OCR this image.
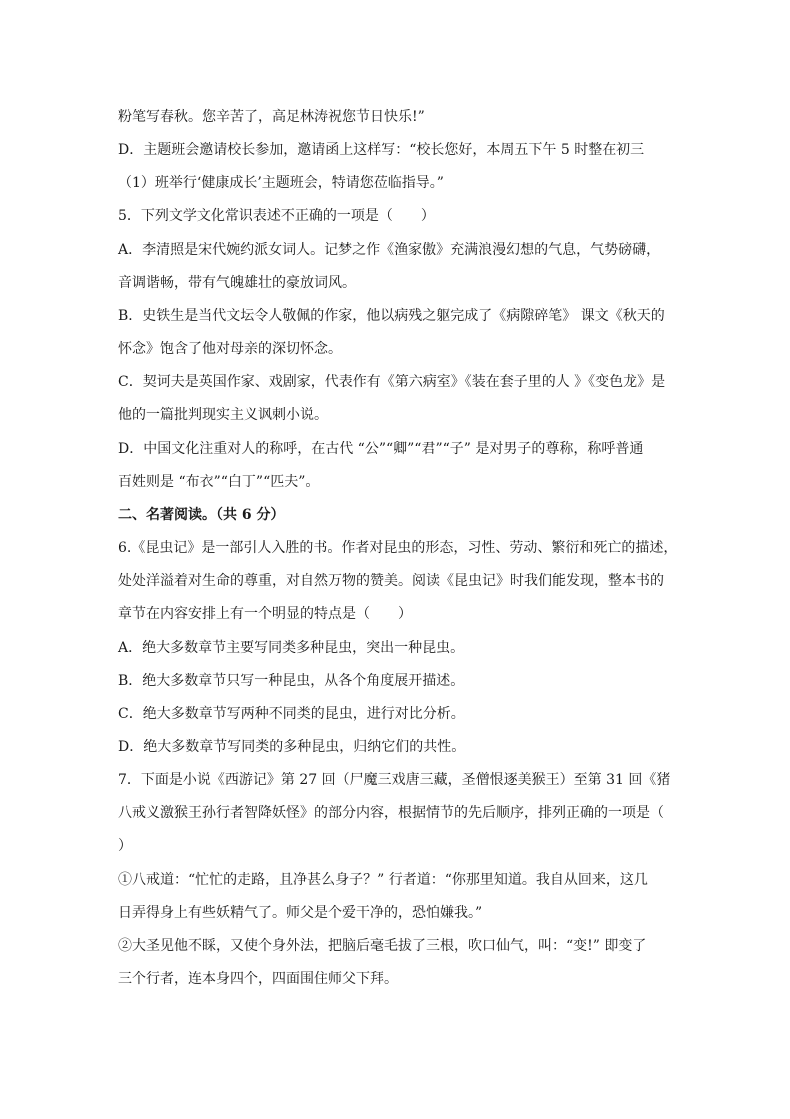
粉笔写春秋。您辛苦了，高足林涛祝您节日快乐!”
D．主题班会邀请校长参加，邀请函上这样写：“校长您好，本周五下午 5 时整在初三
（1）班举行‘健康成长’主题班会，特请您莅临指导。”
5．下列文学文化常识表述不正确的一项是（　　）
A．李清照是宋代婉约派女词人。记梦之作《渔家傲》充满浪漫幻想的气息，气势磅礴，
音调谐畅，带有气魄雄壮的豪放词风。
B．史铁生是当代文坛令人敬佩的作家，他以病残之躯完成了《病隙碎笔》 课文《秋天的
怀念》饱含了他对母亲的深切怀念。
C．契诃夫是英国作家、戏剧家，代表作有《第六病室》《装在套子里的人 》《变色龙》是
他的一篇批判现实主义讽刺小说。
D．中国文化注重对人的称呼，在古代 “公”“卿”“君”“子” 是对男子的尊称，称呼普通
百姓则是 “布衣”“白丁”“匹夫”。
二、名著阅读。（共 6 分）
6.《昆虫记》是一部引人入胜的书。作者对昆虫的形态，习性、劳动、繁衍和死亡的描述，
处处洋溢着对生命的尊重，对自然万物的赞美。阅读《昆虫记》时我们能发现，整本书的
章节在内容安排上有一个明显的特点是（　　）
A．绝大多数章节主要写同类多种昆虫，突出一种昆虫。
B．绝大多数章节只写一种昆虫，从各个角度展开描述。
C．绝大多数章节写两种不同类的昆虫，进行对比分析。
D．绝大多数章节写同类的多种昆虫，归纳它们的共性。
7．下面是小说《西游记》第 27 回（尸魔三戏唐三藏，圣僧恨逐美猴王）至第 31 回《猪
八戒义激猴王孙行者智降妖怪》的部分内容，根据情节的先后顺序，排列正确的一项是（
）
①八戒道：“忙忙的走路，且净甚么身子？” 行者道：“你那里知道。我自从回来，这几
日弄得身上有些妖精气了。师父是个爱干净的，恐怕嫌我。”
②大圣见他不睬，又使个身外法，把脑后毫毛拔了三根，吹口仙气，叫：“变!” 即变了
三个行者，连本身四个，四面围住师父下拜。
